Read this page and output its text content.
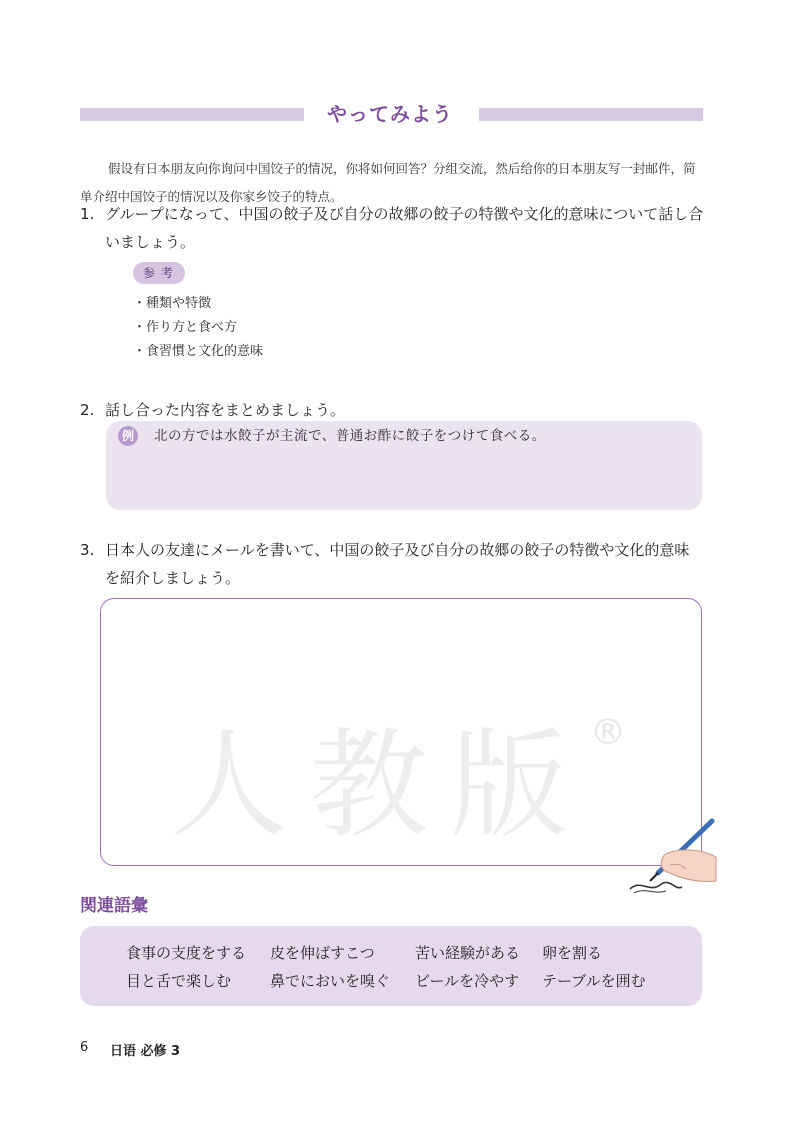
やってみよう
假设有日本朋友向你询问中国饺子的情况，你将如何回答？分组交流，然后给你的日本朋友写一封邮件，简单介绍中国饺子的情况以及你家乡饺子的特点。
1. グループになって、中国の餃子及び自分の故郷の餃子の特徴や文化的意味について話し合いましょう。
参考
・種類や特徴
・作り方と食べ方
・食習慣と文化的意味
2. 話し合った内容をまとめましょう。
例 北の方では水餃子が主流で、普通お酢に餃子をつけて食べる。
3. 日本人の友達にメールを書いて、中国の餃子及び自分の故郷の餃子の特徴や文化的意味を紹介しましょう。
人教版 ®
関連語彙
食事の支度をする 皮を伸ばすこつ	苦い経験がある 卵を割る
目と舌で楽しむ	鼻でにおいを嗅ぐ ビールを冷やす テーブルを囲む
6 日语 必修 3
